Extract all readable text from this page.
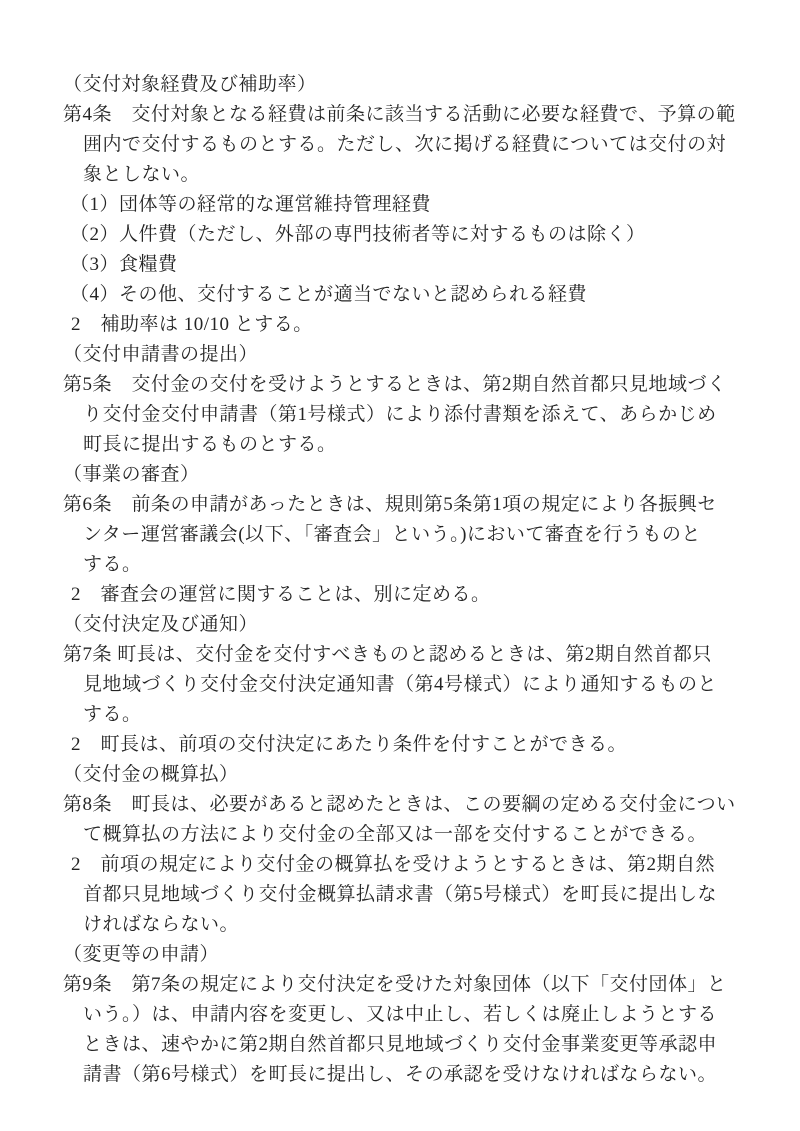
（交付対象経費及び補助率）
第4条　交付対象となる経費は前条に該当する活動に必要な経費で、予算の範
囲内で交付するものとする。ただし、次に掲げる経費については交付の対
象としない。
（1）団体等の経常的な運営維持管理経費
（2）人件費（ただし、外部の専門技術者等に対するものは除く）
（3）食糧費
（4）その他、交付することが適当でないと認められる経費
2　補助率は 10/10 とする。
（交付申請書の提出）
第5条　交付金の交付を受けようとするときは、第2期自然首都只見地域づく
り交付金交付申請書（第1号様式）により添付書類を添えて、あらかじめ
町長に提出するものとする。
（事業の審査）
第6条　前条の申請があったときは、規則第5条第1項の規定により各振興セ
ンター運営審議会(以下、「審査会」という。)において審査を行うものと
する。
2　審査会の運営に関することは、別に定める。
（交付決定及び通知）
第7条 町長は、交付金を交付すべきものと認めるときは、第2期自然首都只
見地域づくり交付金交付決定通知書（第4号様式）により通知するものと
する。
2　町長は、前項の交付決定にあたり条件を付すことができる。
（交付金の概算払）
第8条　町長は、必要があると認めたときは、この要綱の定める交付金につい
て概算払の方法により交付金の全部又は一部を交付することができる。
2　前項の規定により交付金の概算払を受けようとするときは、第2期自然
首都只見地域づくり交付金概算払請求書（第5号様式）を町長に提出しな
ければならない。
（変更等の申請）
第9条　第7条の規定により交付決定を受けた対象団体（以下「交付団体」と
いう。）は、申請内容を変更し、又は中止し、若しくは廃止しようとする
ときは、速やかに第2期自然首都只見地域づくり交付金事業変更等承認申
請書（第6号様式）を町長に提出し、その承認を受けなければならない。
